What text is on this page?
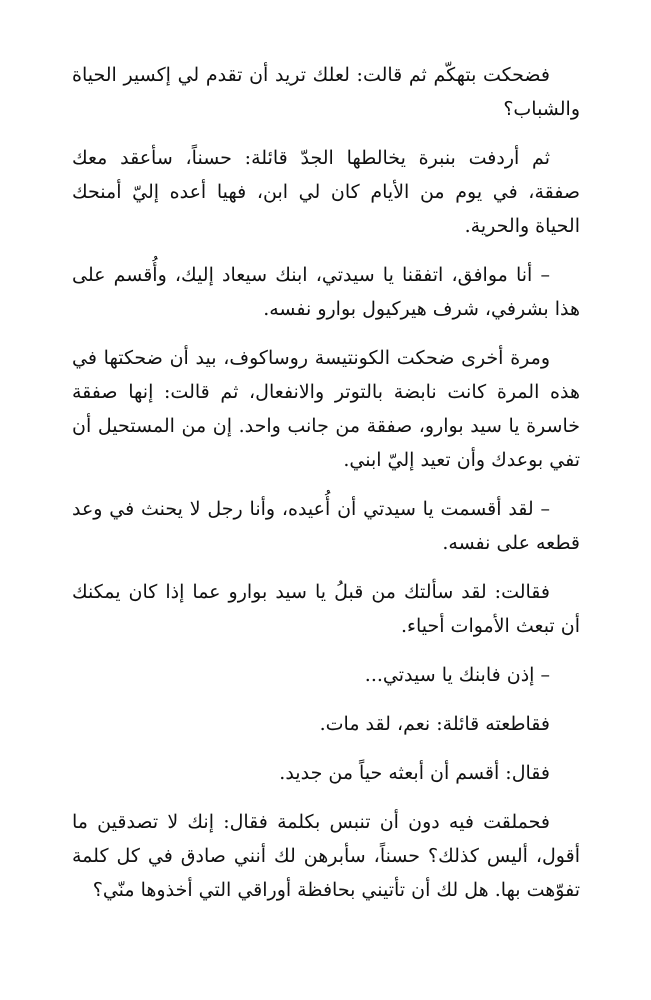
فضحكت بتهكّم ثم قالت: لعلك تريد أن تقدم لي إكسير الحياة والشباب؟

ثم أردفت بنبرة يخالطها الجدّ قائلة: حسناً، سأعقد معك صفقة، في يوم من الأيام كان لي ابن، فهيا أعده إليّ أمنحك الحياة والحرية.

– أنا موافق، اتفقنا يا سيدتي، ابنك سيعاد إليك، وأُقسم على هذا بشرفي، شرف هيركيول بوارو نفسه.

ومرة أخرى ضحكت الكونتيسة روساكوف، بيد أن ضحكتها في هذه المرة كانت نابضة بالتوتر والانفعال، ثم قالت: إنها صفقة خاسرة يا سيد بوارو، صفقة من جانب واحد. إن من المستحيل أن تفي بوعدك وأن تعيد إليّ ابني.

– لقد أقسمت يا سيدتي أن أُعيده، وأنا رجل لا يحنث في وعد قطعه على نفسه.

فقالت: لقد سألتك من قبلُ يا سيد بوارو عما إذا كان يمكنك أن تبعث الأموات أحياء.

– إذن فابنك يا سيدتي...

فقاطعته قائلة: نعم، لقد مات.

فقال: أقسم أن أبعثه حياً من جديد.

فحملقت فيه دون أن تنبس بكلمة فقال: إنك لا تصدقين ما أقول، أليس كذلك؟ حسناً، سأبرهن لك أنني صادق في كل كلمة تفوّهت بها. هل لك أن تأتيني بحافظة أوراقي التي أخذوها منّي؟
